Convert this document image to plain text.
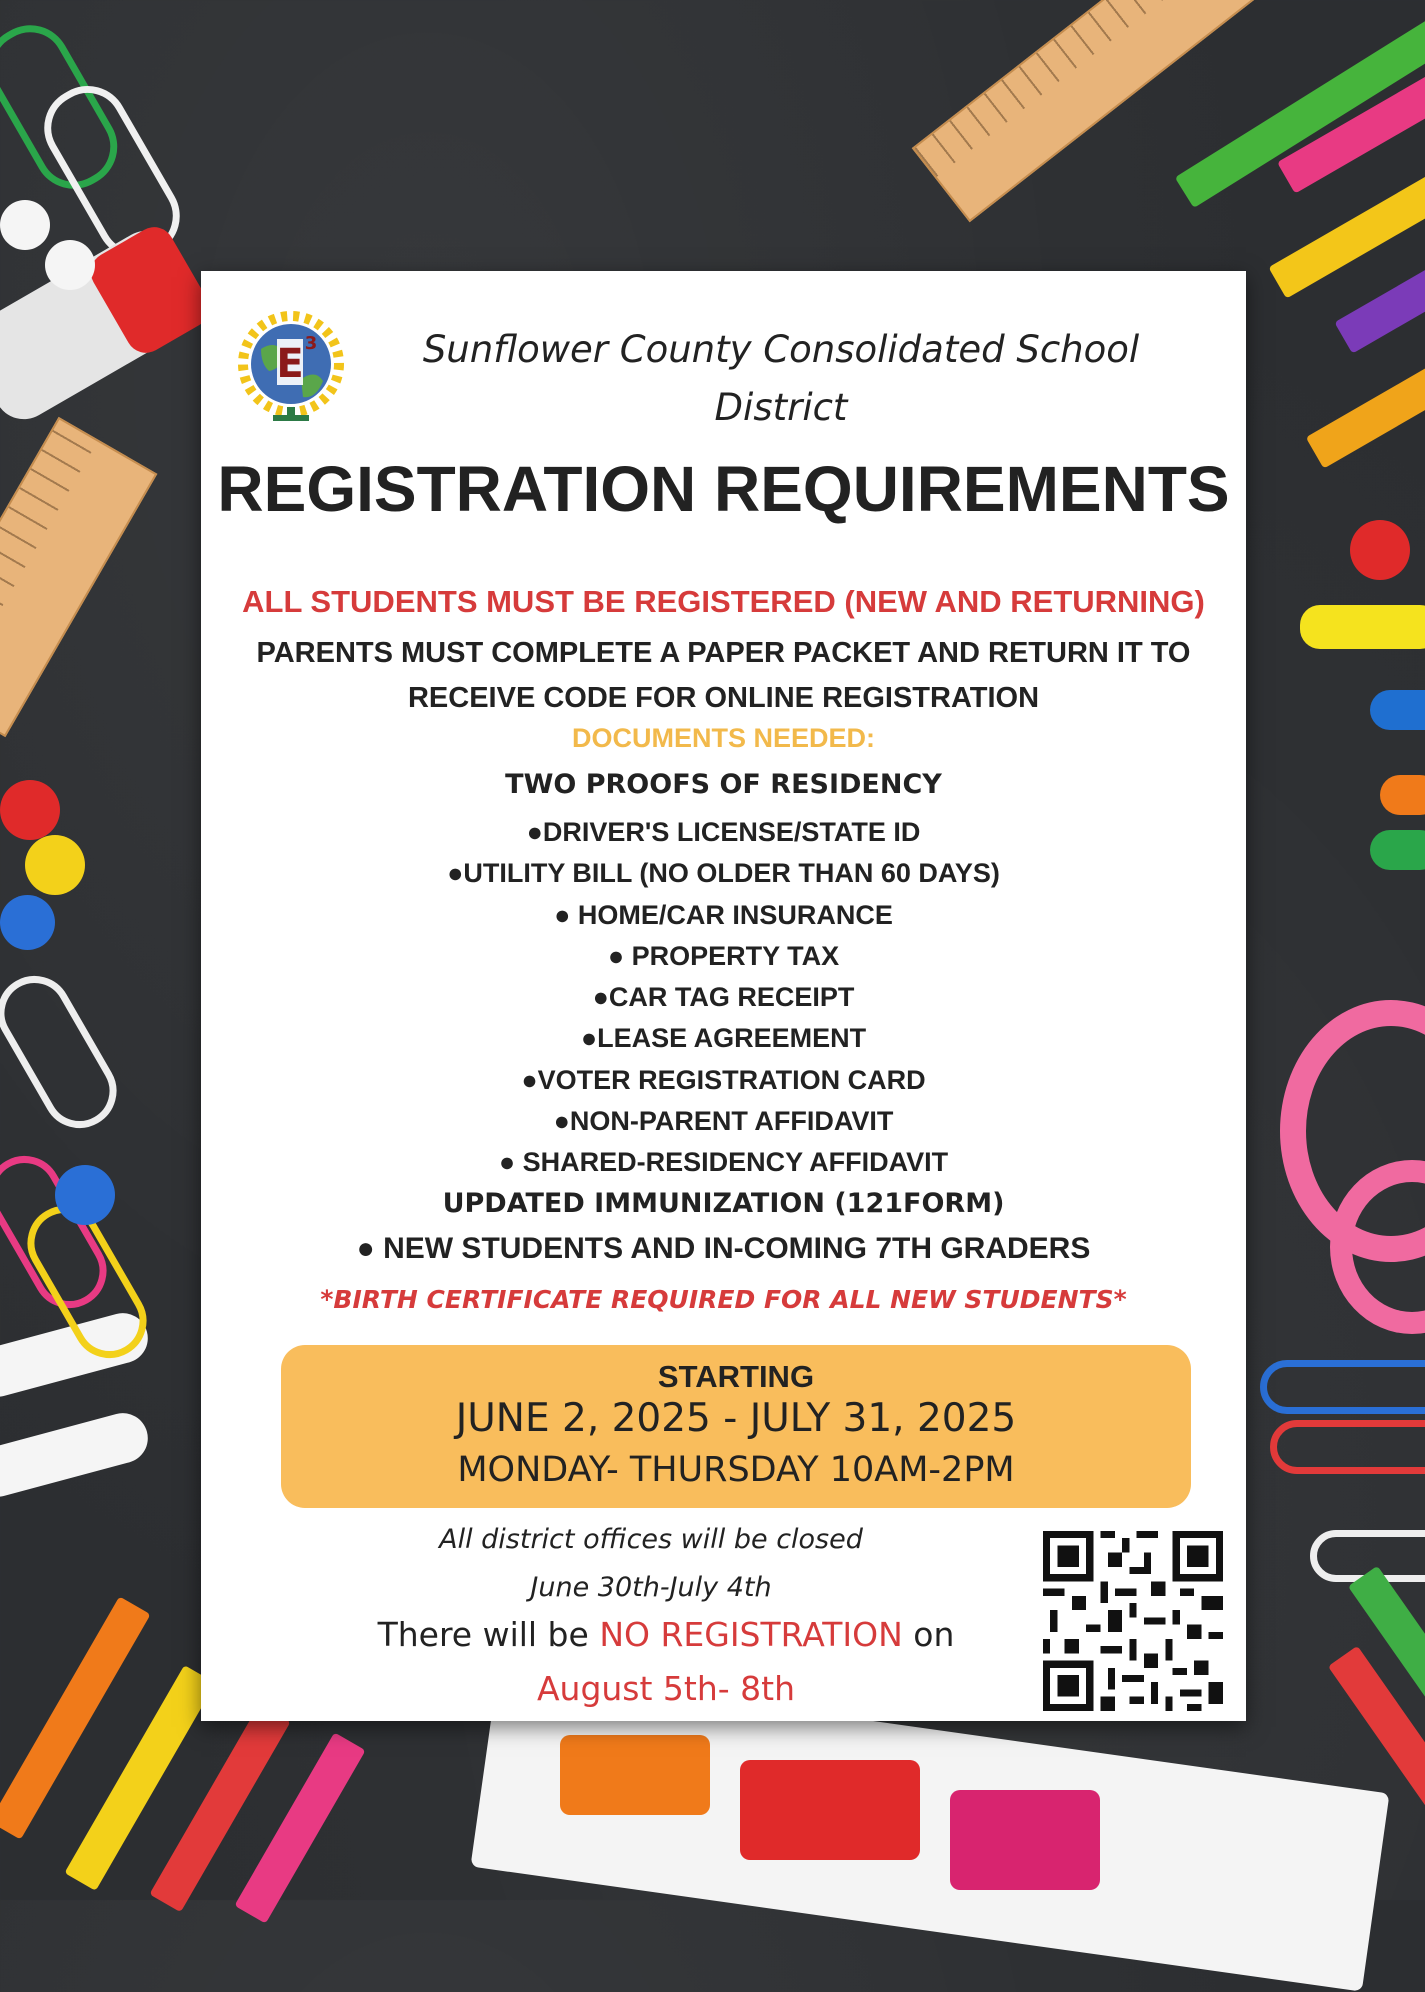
E 3	Sunflower County Consolidated School
District
REGISTRATION REQUIREMENTS
ALL STUDENTS MUST BE REGISTERED (NEW AND RETURNING)
PARENTS MUST COMPLETE A PAPER PACKET AND RETURN IT TO
RECEIVE CODE FOR ONLINE REGISTRATION
DOCUMENTS NEEDED:
TWO PROOFS OF RESIDENCY
●DRIVER'S LICENSE/STATE ID
●UTILITY BILL (NO OLDER THAN 60 DAYS)
● HOME/CAR INSURANCE
● PROPERTY TAX
●CAR TAG RECEIPT
●LEASE AGREEMENT
●VOTER REGISTRATION CARD
●NON-PARENT AFFIDAVIT
● SHARED-RESIDENCY AFFIDAVIT
UPDATED IMMUNIZATION (121FORM)
● NEW STUDENTS AND IN-COMING 7TH GRADERS
*BIRTH CERTIFICATE REQUIRED FOR ALL NEW STUDENTS*
STARTING
JUNE 2, 2025 - JULY 31, 2025
MONDAY- THURSDAY 10AM-2PM
All district offices will be closed
June 30th-July 4th
There will be NO REGISTRATION on
August 5th- 8th
